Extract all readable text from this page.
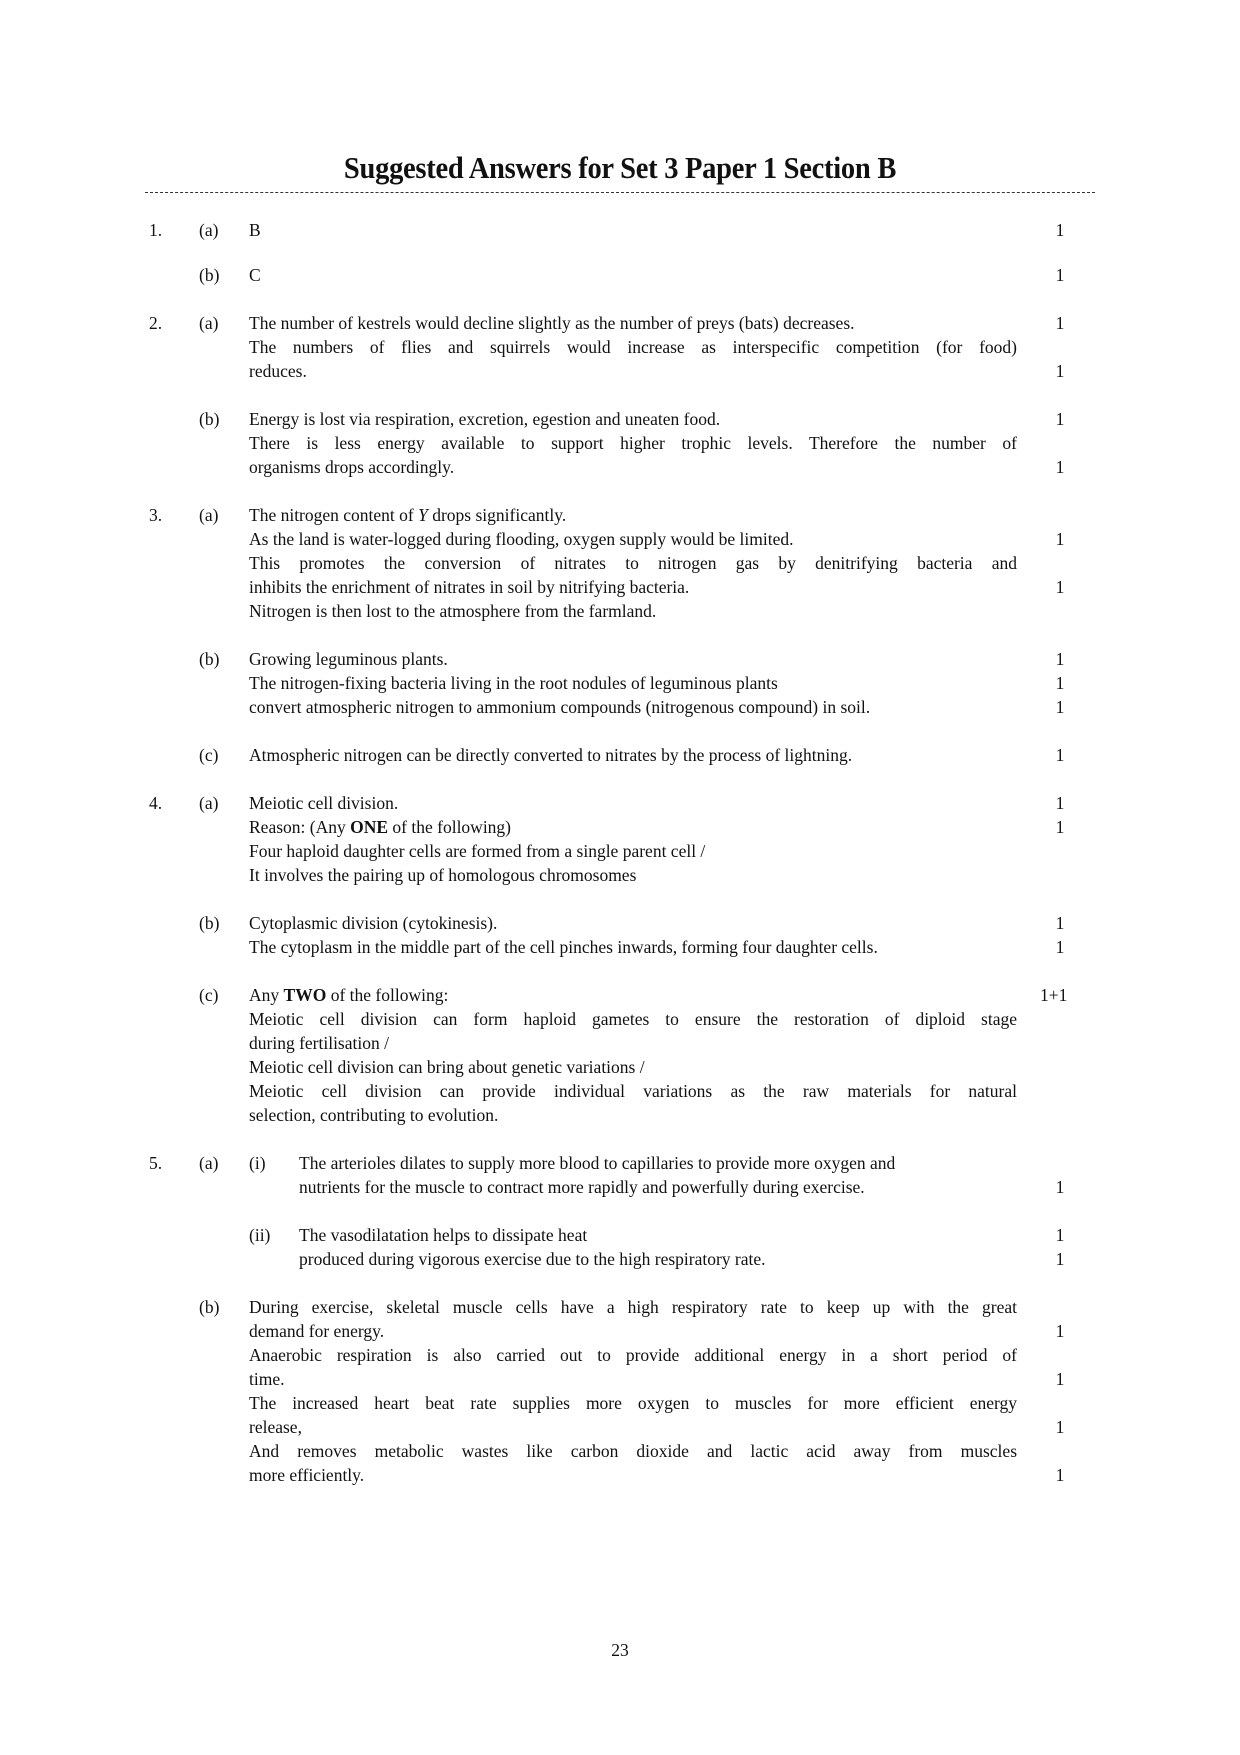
Suggested Answers for Set 3 Paper 1 Section B
1. (a) B	1
(b) C	1
2. (a) The number of kestrels would decline slightly as the number of preys (bats) decreases.	1
The numbers of flies and squirrels would increase as interspecific competition (for food)
reduces.	1
(b) Energy is lost via respiration, excretion, egestion and uneaten food.	1
There is less energy available to support higher trophic levels. Therefore the number of
organisms drops accordingly.	1
3. (a) The nitrogen content of Y drops significantly.
As the land is water-logged during flooding, oxygen supply would be limited.	1
This promotes the conversion of nitrates to nitrogen gas by denitrifying bacteria and
inhibits the enrichment of nitrates in soil by nitrifying bacteria.	1
Nitrogen is then lost to the atmosphere from the farmland.
(b) Growing leguminous plants.	1
The nitrogen-fixing bacteria living in the root nodules of leguminous plants	1
convert atmospheric nitrogen to ammonium compounds (nitrogenous compound) in soil.	1
(c) Atmospheric nitrogen can be directly converted to nitrates by the process of lightning.	1
4. (a) Meiotic cell division.	1
Reason: (Any ONE of the following)	1
Four haploid daughter cells are formed from a single parent cell /
It involves the pairing up of homologous chromosomes
(b) Cytoplasmic division (cytokinesis).	1
The cytoplasm in the middle part of the cell pinches inwards, forming four daughter cells.	1
(c) Any TWO of the following:	1+1
Meiotic cell division can form haploid gametes to ensure the restoration of diploid stage
during fertilisation /
Meiotic cell division can bring about genetic variations /
Meiotic cell division can provide individual variations as the raw materials for natural
selection, contributing to evolution.
5. (a) (i) The arterioles dilates to supply more blood to capillaries to provide more oxygen and
nutrients for the muscle to contract more rapidly and powerfully during exercise.	1
(ii) The vasodilatation helps to dissipate heat	1
produced during vigorous exercise due to the high respiratory rate.	1
(b) During exercise, skeletal muscle cells have a high respiratory rate to keep up with the great
demand for energy.	1
Anaerobic respiration is also carried out to provide additional energy in a short period of
time.	1
The increased heart beat rate supplies more oxygen to muscles for more efficient energy
release,	1
And removes metabolic wastes like carbon dioxide and lactic acid away from muscles
more efficiently.	1
23
